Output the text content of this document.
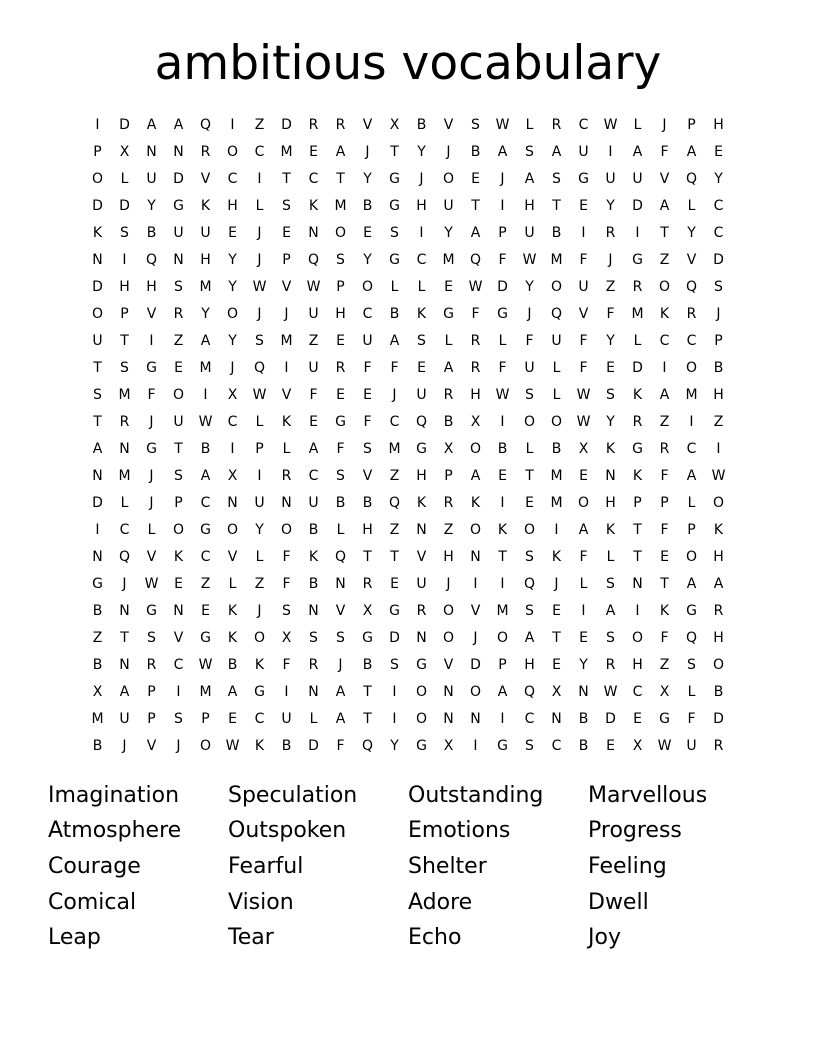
ambitious vocabulary
I	D	A	A	Q	I	Z	D	R	R	V	X	B	V	S	W	L	R	C	W	L	J	P	H
P	X	N	N	R	O	C	M	E	A	J	T	Y	J	B	A	S	A	U	I	A	F	A	E
O	L	U	D	V	C	I	T	C	T	Y	G	J	O	E	J	A	S	G	U	U	V	Q	Y
D	D	Y	G	K	H	L	S	K	M	B	G	H	U	T	I	H	T	E	Y	D	A	L	C
K	S	B	U	U	E	J	E	N	O	E	S	I	Y	A	P	U	B	I	R	I	T	Y	C
N	I	Q	N	H	Y	J	P	Q	S	Y	G	C	M	Q	F	W	M	F	J	G	Z	V	D
D	H	H	S	M	Y	W	V	W	P	O	L	L	E	W	D	Y	O	U	Z	R	O	Q	S
O	P	V	R	Y	O	J	J	U	H	C	B	K	G	F	G	J	Q	V	F	M	K	R	J
U	T	I	Z	A	Y	S	M	Z	E	U	A	S	L	R	L	F	U	F	Y	L	C	C	P
T	S	G	E	M	J	Q	I	U	R	F	F	E	A	R	F	U	L	F	E	D	I	O	B
S	M	F	O	I	X	W	V	F	E	E	J	U	R	H	W	S	L	W	S	K	A	M	H
T	R	J	U	W	C	L	K	E	G	F	C	Q	B	X	I	O	O	W	Y	R	Z	I	Z
A	N	G	T	B	I	P	L	A	F	S	M	G	X	O	B	L	B	X	K	G	R	C	I
N	M	J	S	A	X	I	R	C	S	V	Z	H	P	A	E	T	M	E	N	K	F	A	W
D	L	J	P	C	N	U	N	U	B	B	Q	K	R	K	I	E	M	O	H	P	P	L	O
I	C	L	O	G	O	Y	O	B	L	H	Z	N	Z	O	K	O	I	A	K	T	F	P	K
N	Q	V	K	C	V	L	F	K	Q	T	T	V	H	N	T	S	K	F	L	T	E	O	H
G	J	W	E	Z	L	Z	F	B	N	R	E	U	J	I	I	Q	J	L	S	N	T	A	A
B	N	G	N	E	K	J	S	N	V	X	G	R	O	V	M	S	E	I	A	I	K	G	R
Z	T	S	V	G	K	O	X	S	S	G	D	N	O	J	O	A	T	E	S	O	F	Q	H
B	N	R	C	W	B	K	F	R	J	B	S	G	V	D	P	H	E	Y	R	H	Z	S	O
X	A	P	I	M	A	G	I	N	A	T	I	O	N	O	A	Q	X	N	W	C	X	L	B
M	U	P	S	P	E	C	U	L	A	T	I	O	N	N	I	C	N	B	D	E	G	F	D
B	J	V	J	O	W	K	B	D	F	Q	Y	G	X	I	G	S	C	B	E	X	W	U	R
Imagination Speculation Outstanding Marvellous
Atmosphere Outspoken	Emotions	Progress
Courage	Fearful	Shelter	Feeling
Comical	Vision	Adore	Dwell
Leap	Tear	Echo	Joy
